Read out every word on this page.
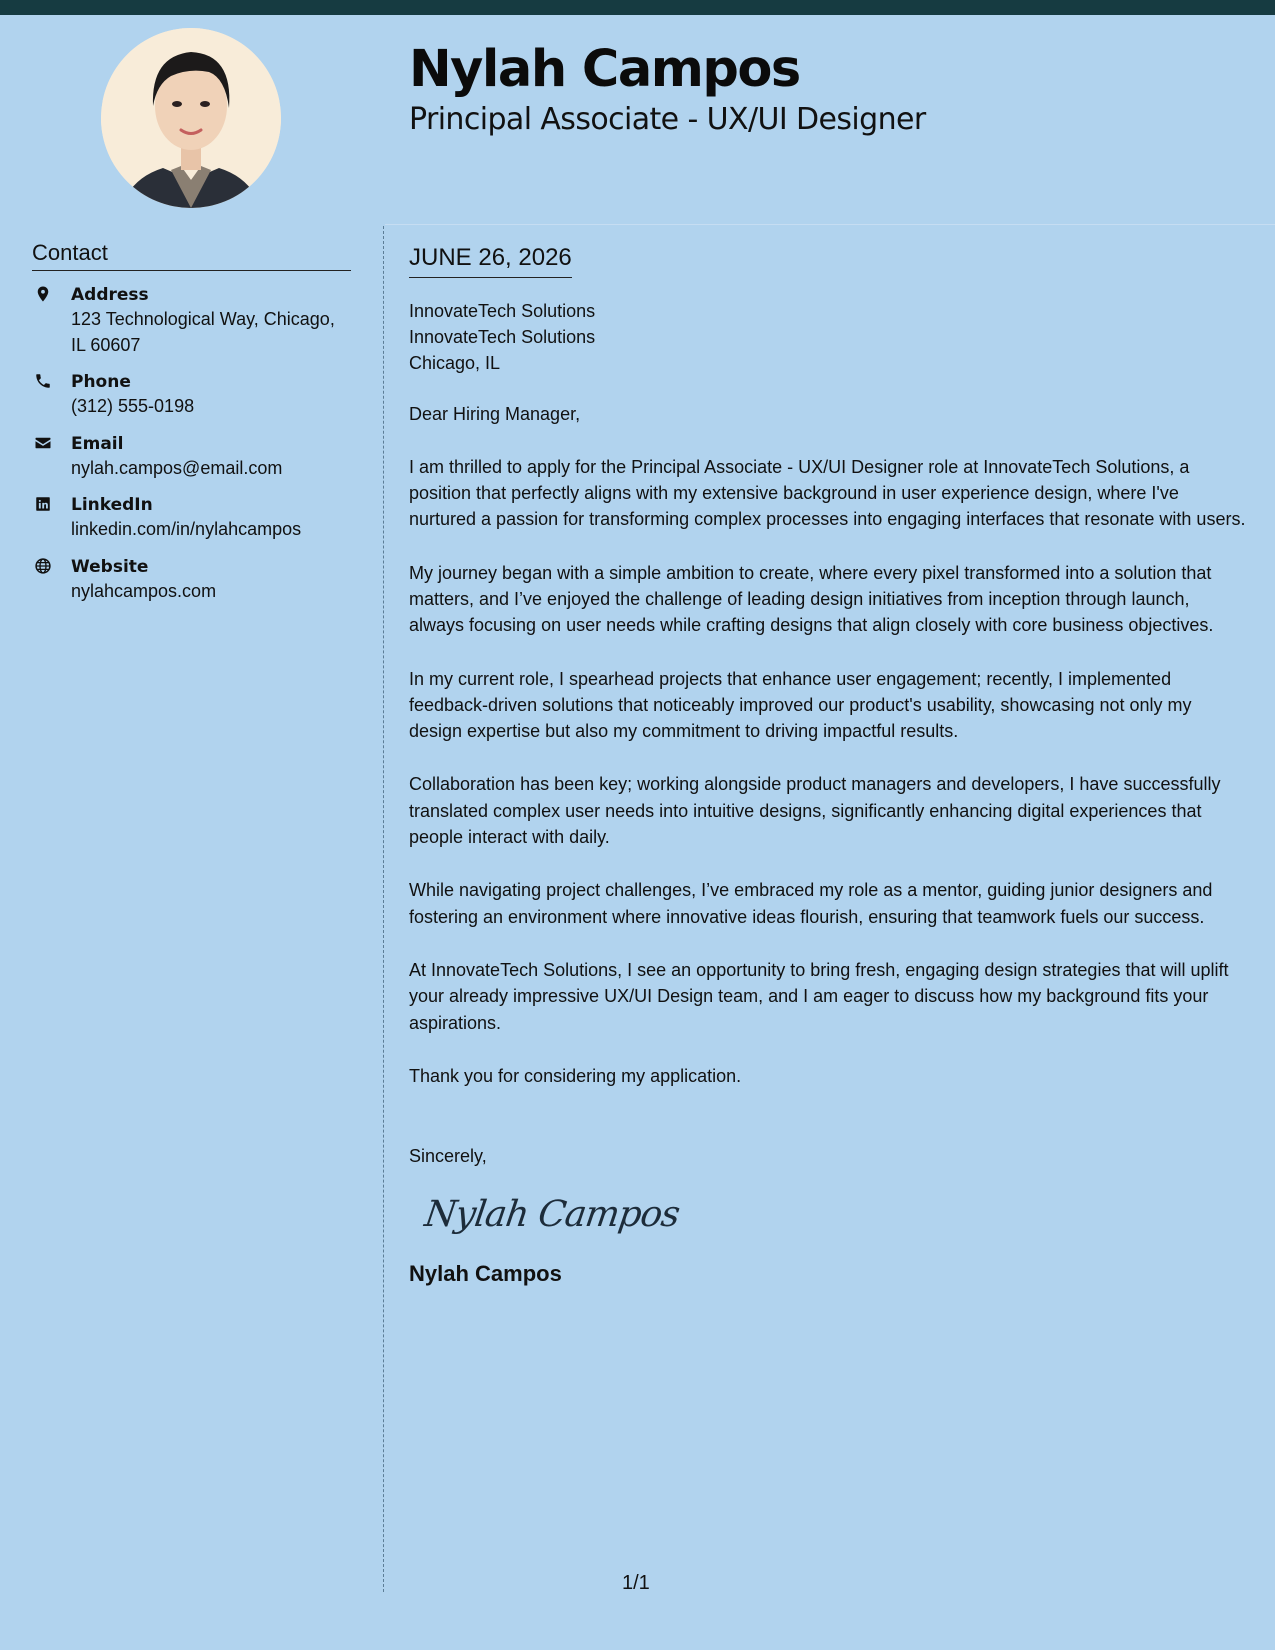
Nylah Campos
Principal Associate - UX/UI Designer
Contact
Address
123 Technological Way, Chicago, IL 60607
Phone
(312) 555-0198
Email
nylah.campos@email.com
LinkedIn
linkedin.com/in/nylahcampos
Website
nylahcampos.com
JUNE 26, 2026
InnovateTech Solutions
InnovateTech Solutions
Chicago, IL
Dear Hiring Manager,

I am thrilled to apply for the Principal Associate - UX/UI Designer role at InnovateTech Solutions, a position that perfectly aligns with my extensive background in user experience design, where I've nurtured a passion for transforming complex processes into engaging interfaces that resonate with users.

My journey began with a simple ambition to create, where every pixel transformed into a solution that matters, and I’ve enjoyed the challenge of leading design initiatives from inception through launch, always focusing on user needs while crafting designs that align closely with core business objectives.

In my current role, I spearhead projects that enhance user engagement; recently, I implemented feedback-driven solutions that noticeably improved our product's usability, showcasing not only my design expertise but also my commitment to driving impactful results.

Collaboration has been key; working alongside product managers and developers, I have successfully translated complex user needs into intuitive designs, significantly enhancing digital experiences that people interact with daily.

While navigating project challenges, I’ve embraced my role as a mentor, guiding junior designers and fostering an environment where innovative ideas flourish, ensuring that teamwork fuels our success.

At InnovateTech Solutions, I see an opportunity to bring fresh, engaging design strategies that will uplift your already impressive UX/UI Design team, and I am eager to discuss how my background fits your aspirations.

Thank you for considering my application.

Sincerely,
Nylah Campos
Nylah Campos
1/1
